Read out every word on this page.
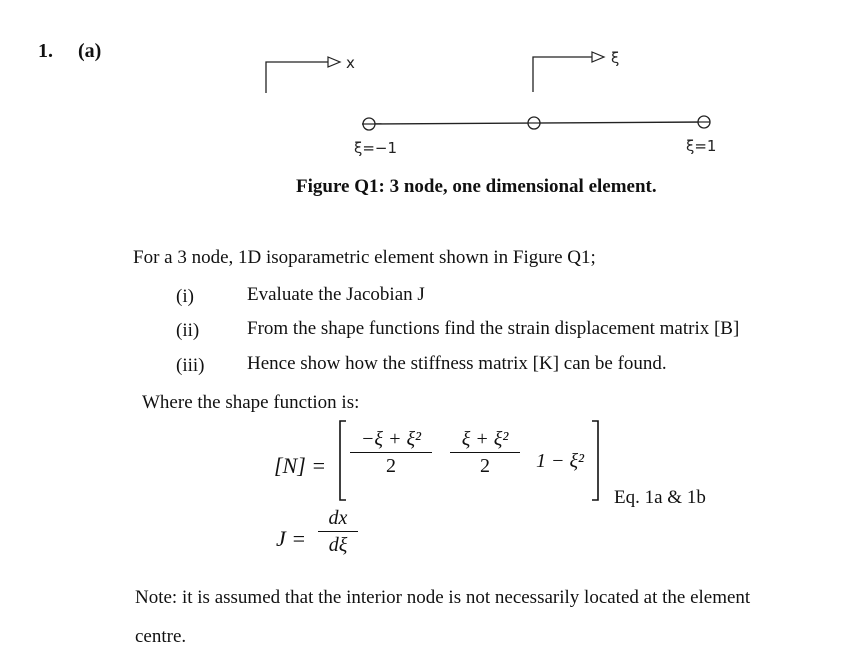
1. (a)
x	ξ
ξ=−1	ξ=1
Figure Q1: 3 node, one dimensional element.
For a 3 node, 1D isoparametric element shown in Figure Q1;
(i)	Evaluate the Jacobian J
(ii)	From the shape functions find the strain displacement matrix [B]
(iii) Hence show how the stiffness matrix [K] can be found.
Where the shape function is:
[N] =
−ξ + ξ²
2
ξ + ξ²
2	1 − ξ²
Eq. 1a & 1b
J =
dx
dξ
Note: it is assumed that the interior node is not necessarily located at the element
centre.
